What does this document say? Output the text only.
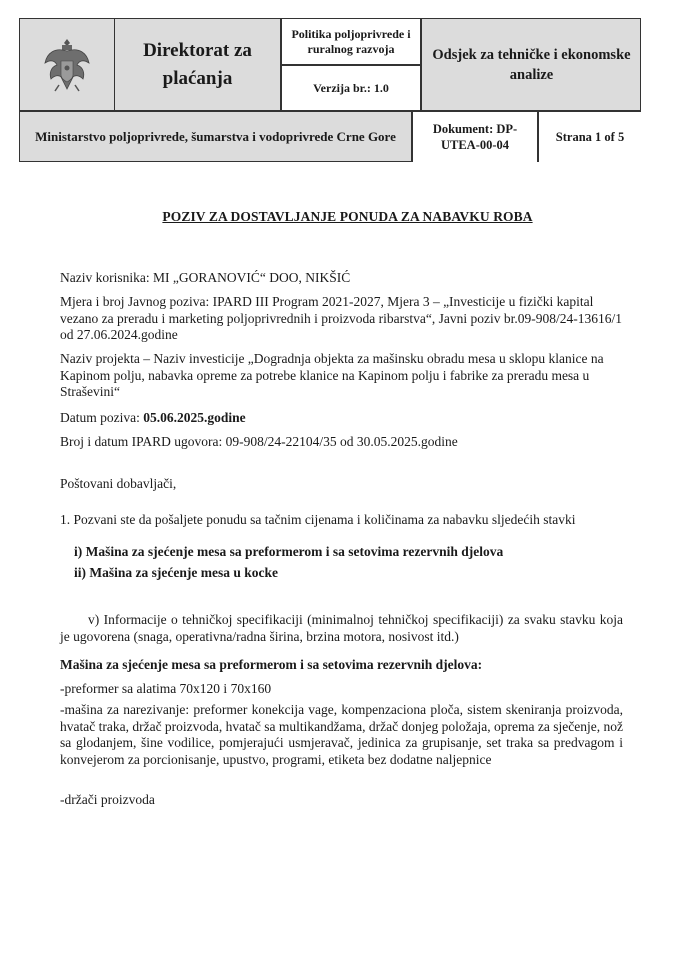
Direktorat za plaćanja
Politika poljoprivrede i ruralnog razvoja
Verzija br.: 1.0
Odsjek za tehničke i ekonomske analize
Ministarstvo poljoprivrede, šumarstva i vodoprivrede Crne Gore	Dokument: DP-UTEA-00-04
Strana 1 of 5
POZIV ZA DOSTAVLJANJE PONUDA ZA NABAVKU ROBA
Naziv korisnika: MI „GORANOVIĆ“ DOO, NIKŠIĆ
Mjera i broj Javnog poziva: IPARD III Program 2021-2027, Mjera 3 – „Investicije u fizički kapital vezano za preradu i marketing poljoprivrednih i proizvoda ribarstva“, Javni poziv br.09-908/24-13616/1 od 27.06.2024.godine
Naziv projekta – Naziv investicije „Dogradnja objekta za mašinsku obradu mesa u sklopu klanice na Kapinom polju, nabavka opreme za potrebe klanice na Kapinom polju i fabrike za preradu mesa u Straševini“
Datum poziva: 05.06.2025.godine
Broj i datum IPARD ugovora: 09-908/24-22104/35 od 30.05.2025.godine
Poštovani dobavljači,
1. Pozvani ste da pošaljete ponudu sa tačnim cijenama i količinama za nabavku sljedećih stavki
i) Mašina za sjećenje mesa sa preformerom i sa setovima rezervnih djelova
ii) Mašina za sjećenje mesa u kocke
v) Informacije o tehničkoj specifikaciji (minimalnoj tehničkoj specifikaciji) za svaku stavku koja je ugovorena (snaga, operativna/radna širina, brzina motora, nosivost itd.)
Mašina za sjećenje mesa sa preformerom i sa setovima rezervnih djelova:
-preformer sa alatima 70x120 i 70x160
-mašina za narezivanje: preformer konekcija vage, kompenzaciona ploča, sistem skeniranja proizvoda, hvatač traka, držač proizvoda, hvatač sa multikandžama, držač donjeg položaja, oprema za sječenje, nož sa glodanjem, šine vodilice, pomjerajući usmjeravač, jedinica za grupisanje, set traka sa predvagom i konvejerom za porcionisanje, upustvo, programi, etiketa bez dodatne naljepnice
-držači proizvoda
